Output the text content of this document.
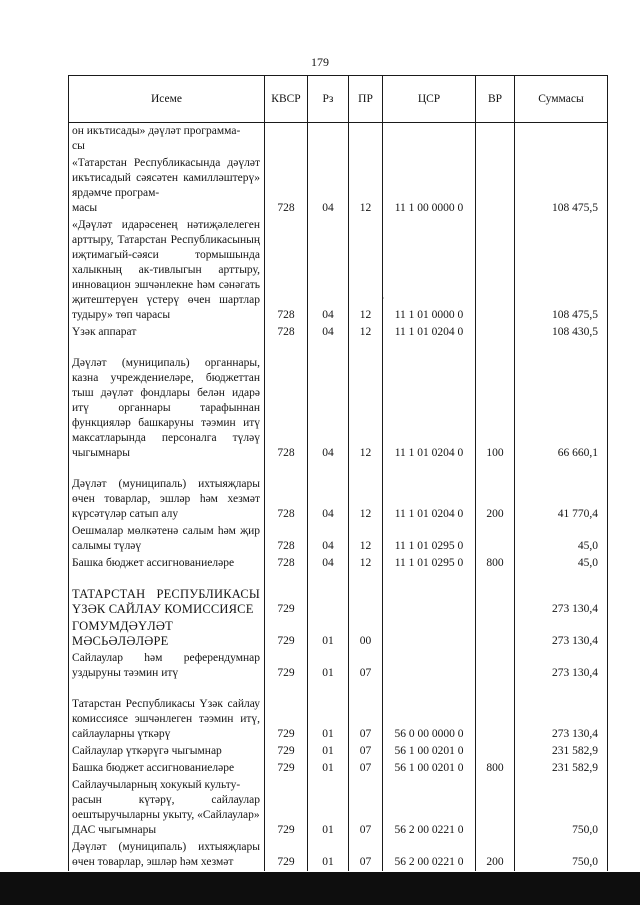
179
·
Исеме	КВСР	Рз	ПР	ЦСР	ВР	Суммасы
он икътисады» дәүләт программа-
сы						
«Татарстан Республикасында дәүләт икътисадый сәясәтен камилләштерү» ярдәмче програм-
масы	728	04	12	11 1 00 0000 0		108 475,5
«Дәүләт идарәсенең нәтиҗәлелеген арттыру, Татарстан Республикасының иҗтимагый-сәяси тормышында халыкның ак-тивлыгын арттыру, инновацион эшчәнлекне һәм сәнәгать җитештерүен үстерү өчен шартлар тудыру» төп чарасы	728	04	12	11 1 01 0000 0		108 475,5
Үзәк аппарат	728	04	12	11 1 01 0204 0		108 430,5

Дәүләт (муниципаль) органнары, казна учреждениеләре, бюджеттан тыш дәүләт фондлары белән идарә итү органнары тарафыннан функцияләр башкаруны тәэмин итү максатларында персоналга түләү чыгымнары	728	04	12	11 1 01 0204 0	100	66 660,1

Дәүләт (муниципаль) ихтыяҗлары өчен товарлар, эшләр һәм хезмәт күрсәтүләр сатып алу	728	04	12	11 1 01 0204 0	200	41 770,4
Оешмалар мөлкәтенә салым һәм җир салымы түләү	728	04	12	11 1 01 0295 0		45,0
Башка бюджет ассигнованиеләре	728	04	12	11 1 01 0295 0	800	45,0

ТАТАРСТАН РЕСПУБЛИКАСЫ ҮЗӘК САЙЛАУ КОМИССИЯСЕ	729					273 130,4
ГОМУМДӘҮЛӘТ МӘСЬӘЛӘЛӘРЕ	729	01	00			273 130,4
Сайлаулар һәм референдумнар уздыруны тәэмин итү	729	01	07			273 130,4

Татарстан Республикасы Үзәк сайлау комиссиясе эшчәнлеген тәэмин итү, сайлауларны үткәрү	729	01	07	56 0 00 0000 0		273 130,4
Сайлаулар үткәрүгә чыгымнар	729	01	07	56 1 00 0201 0		231 582,9
Башка бюджет ассигнованиеләре	729	01	07	56 1 00 0201 0	800	231 582,9
Сайлаучыларның хокукый культу-
расын күтәрү, сайлаулар оештыручыларны укыту, «Сайлаулар»
ДАС чыгымнары	729	01	07	56 2 00 0221 0		750,0
Дәүләт (муниципаль) ихтыяҗлары өчен товарлар, эшләр һәм хезмәт	729	01	07	56 2 00 0221 0	200	750,0
